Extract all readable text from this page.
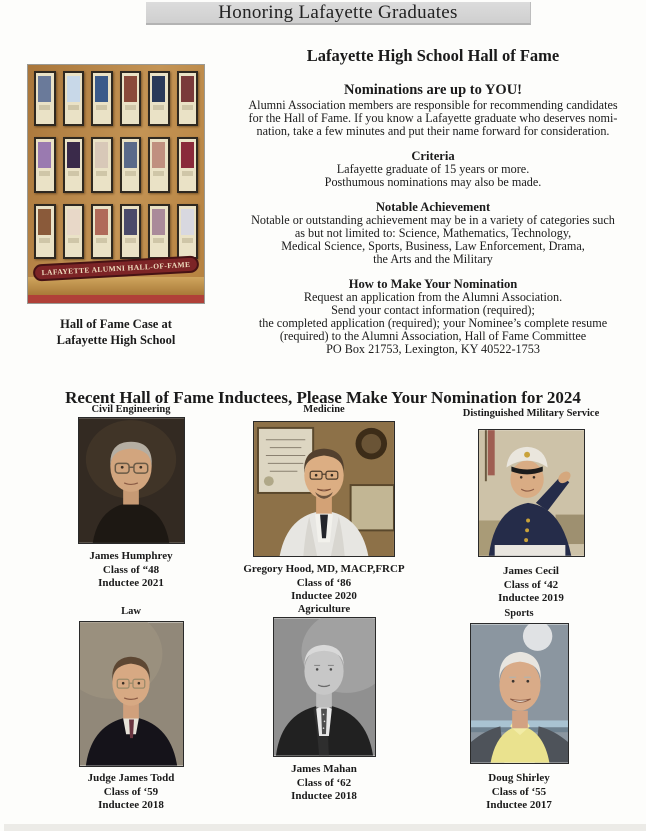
Honoring Lafayette Graduates
LAFAYETTE ALUMNI HALL-OF-FAME
Hall of Fame Case at
Lafayette High School
Lafayette High School Hall of Fame
Nominations are up to YOU!
Alumni Association members are responsible for recommending candidates
for the Hall of Fame. If you know a Lafayette graduate who deserves nomi-
nation, take a few minutes and put their name forward for consideration.
Criteria
Lafayette graduate of 15 years or more.
Posthumous nominations may also be made.
Notable Achievement
Notable or outstanding achievement may be in a variety of categories such
as but not limited to: Science, Mathematics, Technology,
Medical Science, Sports, Business, Law Enforcement, Drama,
the Arts and the Military
How to Make Your Nomination
Request an application from the Alumni Association.
Send your contact information (required);
the completed application (required); your Nominee’s complete resume
(required) to the Alumni Association, Hall of Fame Committee
PO Box 21753, Lexington, KY 40522-1753
Recent Hall of Fame Inductees, Please Make Your Nomination for 2024
Civil Engineering
James Humphrey
Class of “48
Inductee 2021
Medicine
Gregory Hood, MD, MACP,FRCP
Class of ‘86
Inductee 2020
Distinguished Military Service
James Cecil
Class of ‘42
Inductee 2019
Law
Judge James Todd
Class of ‘59
Inductee 2018
Agriculture
James Mahan
Class of ‘62
Inductee 2018
Sports
Doug Shirley
Class of ‘55
Inductee 2017
